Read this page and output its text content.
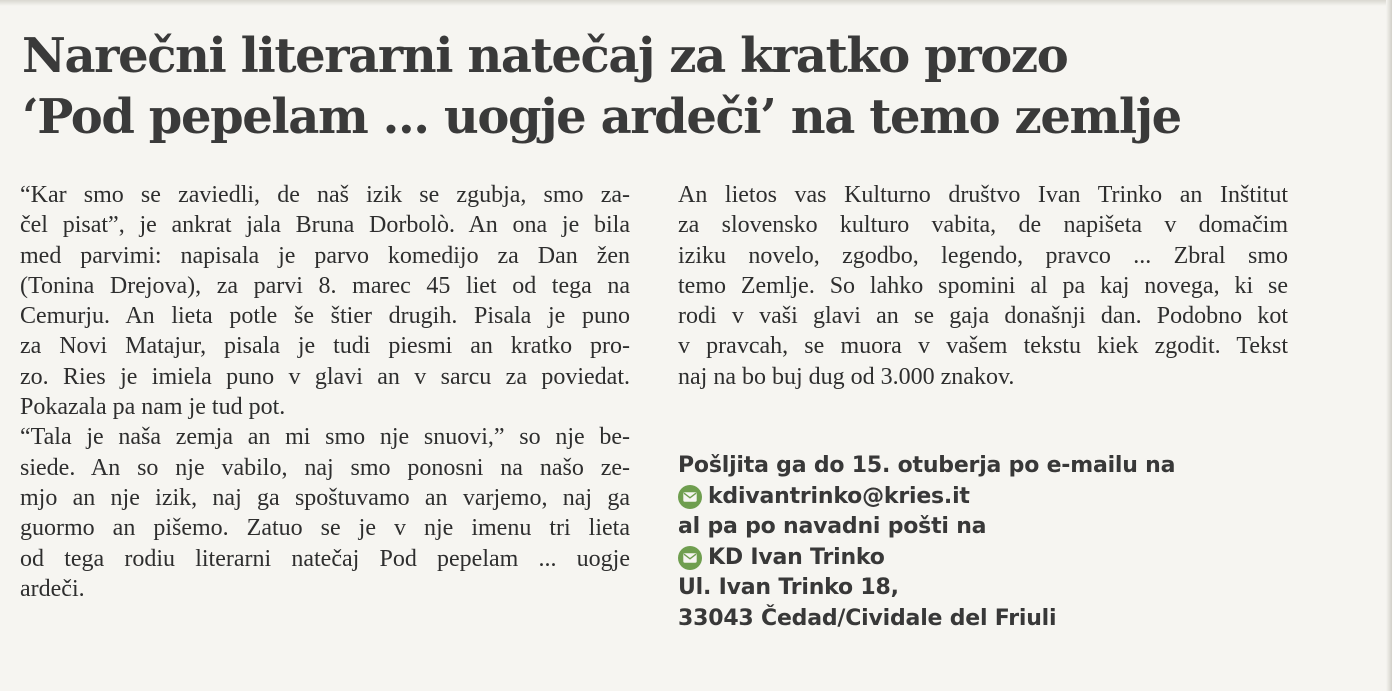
Narečni literarni natečaj za kratko prozo
‘Pod pepelam ... uogje ardeči’ na temo zemlje
“Kar smo se zaviedli, de naš izik se zgubja, smo za-
čel pisat”, je ankrat jala Bruna Dorbolò. An ona je bila
med parvimi: napisala je parvo komedijo za Dan žen
(Tonina Drejova), za parvi 8. marec 45 liet od tega na
Cemurju. An lieta potle še štier drugih. Pisala je puno
za Novi Matajur, pisala je tudi piesmi an kratko pro-
zo. Ries je imiela puno v glavi an v sarcu za poviedat.
Pokazala pa nam je tud pot.
“Tala je naša zemja an mi smo nje snuovi,” so nje be-
siede. An so nje vabilo, naj smo ponosni na našo ze-
mjo an nje izik, naj ga spoštuvamo an varjemo, naj ga
guormo an pišemo. Zatuo se je v nje imenu tri lieta
od tega rodiu literarni natečaj Pod pepelam ... uogje
ardeči.
An lietos vas Kulturno društvo Ivan Trinko an Inštitut
za slovensko kulturo vabita, de napišeta v domačim
iziku novelo, zgodbo, legendo, pravco ... Zbral smo
temo Zemlje. So lahko spomini al pa kaj novega, ki se
rodi v vaši glavi an se gaja donašnji dan. Podobno kot
v pravcah, se muora v vašem tekstu kiek zgodit. Tekst
naj na bo buj dug od 3.000 znakov.
Pošljita ga do 15. otuberja po e-mailu na
kdivantrinko@kries.it
al pa po navadni pošti na
KD Ivan Trinko
Ul. Ivan Trinko 18,
33043 Čedad/Cividale del Friuli
